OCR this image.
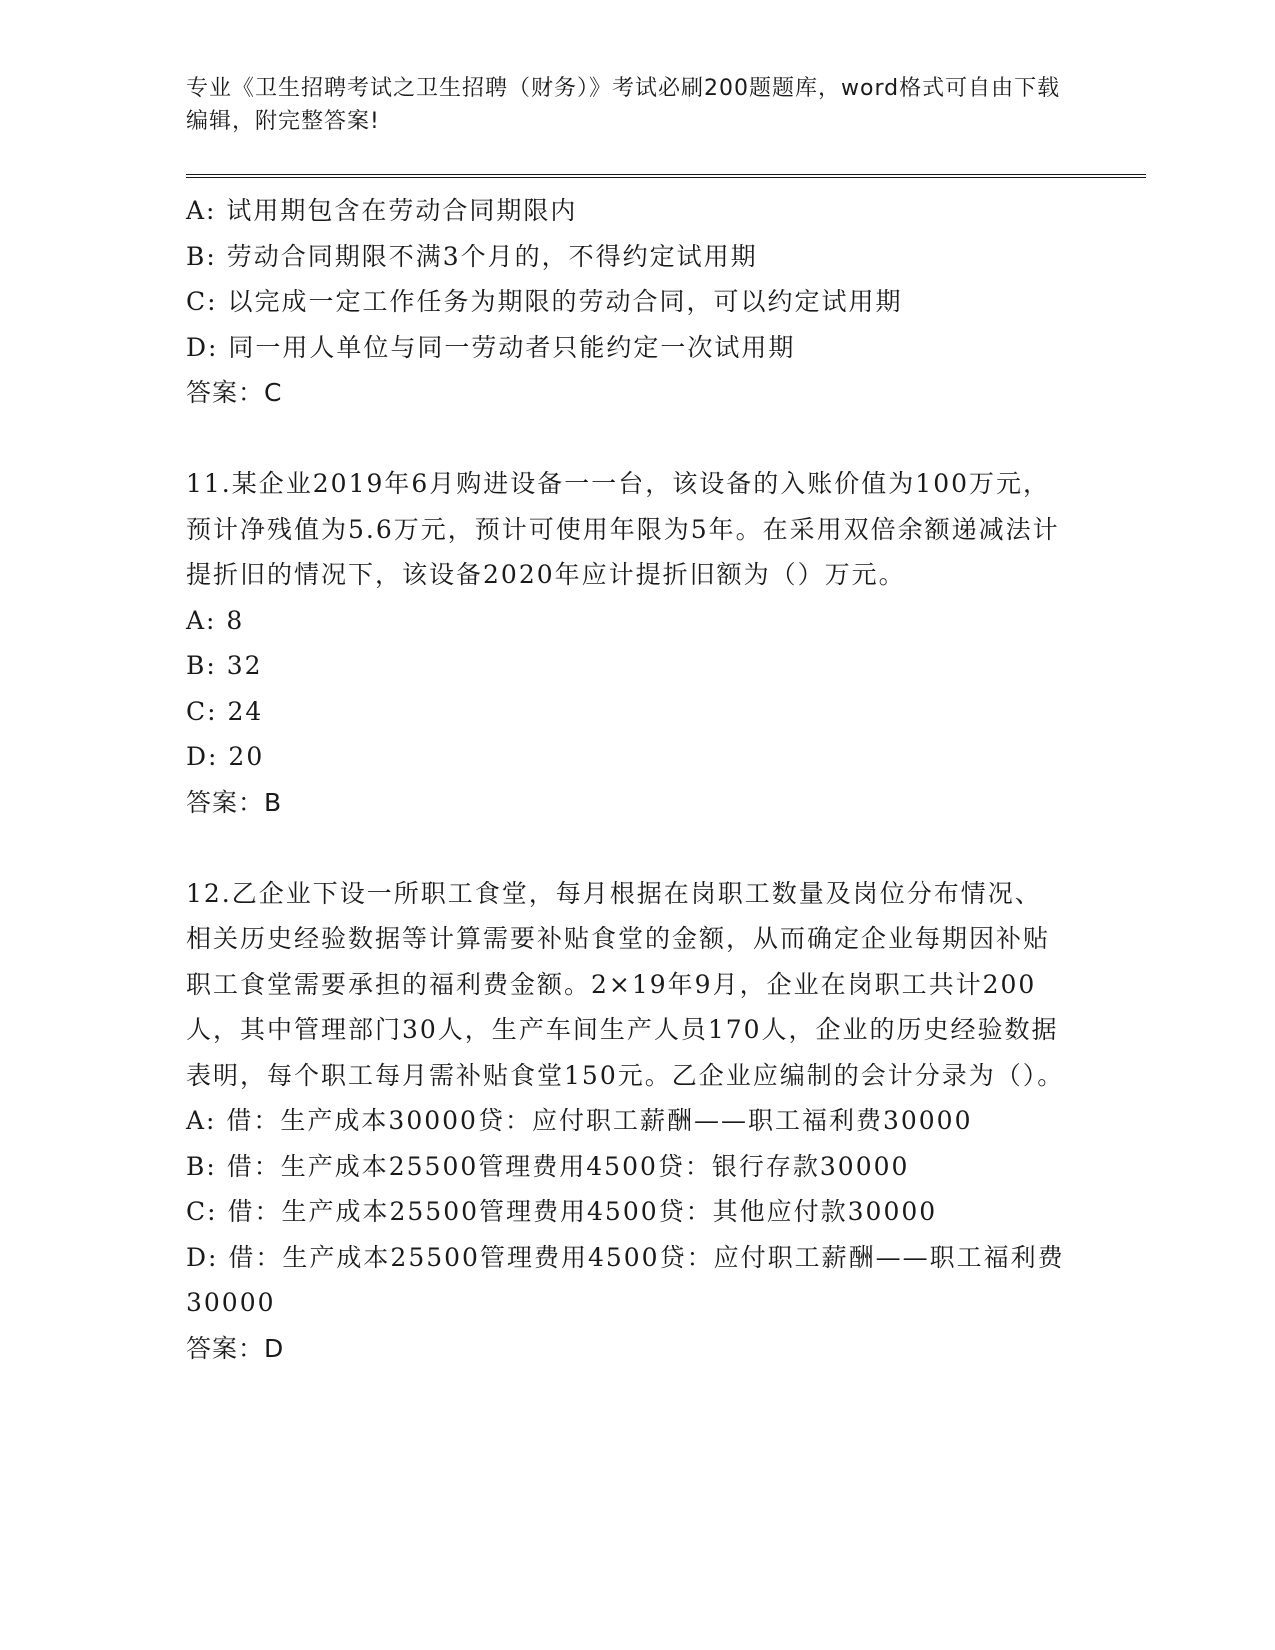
专业《卫生招聘考试之卫生招聘（财务）》考试必刷200题题库，word格式可自由下载编辑，附完整答案!
A: 试用期包含在劳动合同期限内
B: 劳动合同期限不满3个月的，不得约定试用期
C: 以完成一定工作任务为期限的劳动合同，可以约定试用期
D: 同一用人单位与同一劳动者只能约定一次试用期
答案：C
11.某企业2019年6月购进设备一一台，该设备的入账价值为100万元，预计净残值为5.6万元，预计可使用年限为5年。在采用双倍余额递减法计提折旧的情况下，该设备2020年应计提折旧额为（）万元。
A: 8
B: 32
C: 24
D: 20
答案：B
12.乙企业下设一所职工食堂，每月根据在岗职工数量及岗位分布情况、相关历史经验数据等计算需要补贴食堂的金额，从而确定企业每期因补贴职工食堂需要承担的福利费金额。2×19年9月，企业在岗职工共计200人，其中管理部门30人，生产车间生产人员170人，企业的历史经验数据表明，每个职工每月需补贴食堂150元。乙企业应编制的会计分录为（）。
A: 借：生产成本30000贷：应付职工薪酬——职工福利费30000
B: 借：生产成本25500管理费用4500贷：银行存款30000
C: 借：生产成本25500管理费用4500贷：其他应付款30000
D: 借：生产成本25500管理费用4500贷：应付职工薪酬——职工福利费30000
答案：D
